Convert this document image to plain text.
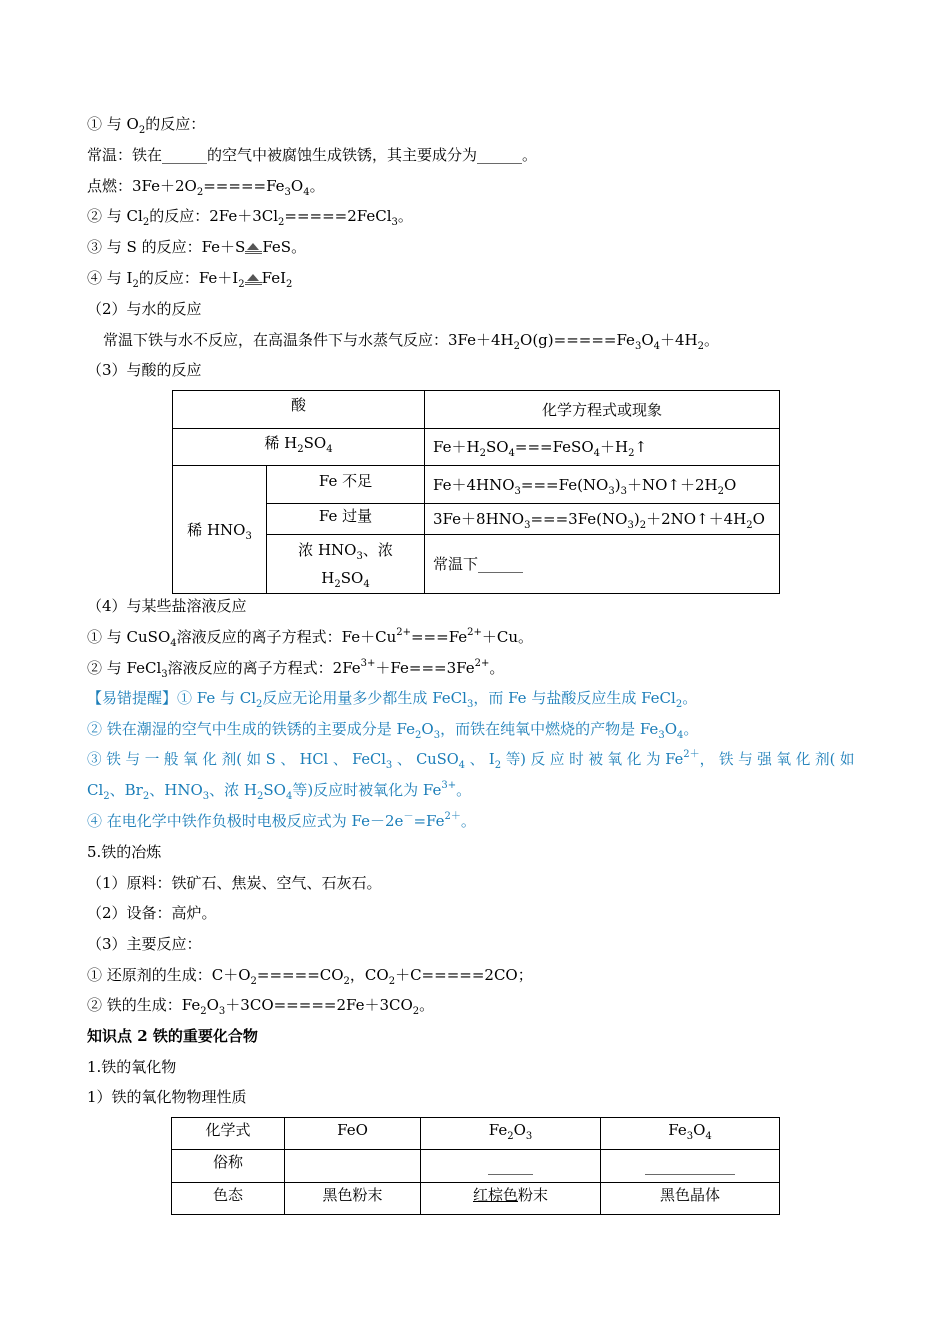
① 与 $O_2$的反应：
常温：铁在______的空气中被腐蚀生成铁锈，其主要成分为______。
点燃：$3Fe+2O_2=====Fe_3O_4$。
② 与 $Cl_2$的反应：$2Fe+3Cl_2=====2FeCl_3$。
③ 与 S 的反应：Fe＋S FeS。
④ 与 $I_2$的反应：$Fe+I_2$ FeI$_2$
（2）与水的反应
常温下铁与水不反应，在高温条件下与水蒸气反应：$3Fe+4H_2O(g)=====Fe_3O_4+4H_2$。
（3）与酸的反应
酸		化学方程式或现象
稀 $H_2SO_4$		$Fe+H_2SO_4===FeSO_4+H_2↑$
稀 $HNO_3$	Fe 不足	$Fe+4HNO_3===Fe(NO_3)_3+NO↑+2H_2O$
	Fe 过量	$3Fe+8HNO_3===3Fe(NO_3)_2+2NO↑+4H_2O$
	浓 $HNO_3$、浓
$H_2SO_4$	常温下______
（4）与某些盐溶液反应
① 与 CuSO$_4$溶液反应的离子方程式：$Fe+Cu^{2+}===Fe^{2+}+Cu$。
② 与 FeCl$_3$溶液反应的离子方程式：$2Fe^{3+}+Fe===3Fe^{2+}$。
【易错提醒】① Fe 与 $Cl_2$反应无论用量多少都生成 FeCl$_3$，而 Fe 与盐酸反应生成 FeCl$_2$。
② 铁在潮湿的空气中生成的铁锈的主要成分是 $Fe_2O_3$，而铁在纯氧中燃烧的产物是 $Fe_3O_4$。
③ 铁 与 一 般 氧 化 剂( 如 S 、 HCl 、 FeCl$_3$ 、 CuSO$_4$ 、 $I_2$ 等) 反 应 时 被 氧 化 为 $Fe^{2+}$， 铁 与 强 氧 化 剂( 如
$Cl_2$、$Br_2$、$HNO_3$、浓 $H_2SO_4$等)反应时被氧化为 $Fe^{3+}$。
④ 在电化学中铁作负极时电极反应式为 $Fe-2e^-=Fe^{2+}$。
5.铁的冶炼
（1）原料：铁矿石、焦炭、空气、石灰石。
（2）设备：高炉。
（3）主要反应：
① 还原剂的生成：$C+O_2=====CO_2$，$CO_2+C=====2CO$；
② 铁的生成：$Fe_2O_3+3CO=====2Fe+3CO_2$。
知识点 2 铁的重要化合物
1.铁的氧化物
1）铁的氧化物物理性质
化学式	FeO	$Fe_2O_3$	$Fe_3O_4$
俗称		______	____________
色态	黑色粉末	红棕色粉末	黑色晶体
